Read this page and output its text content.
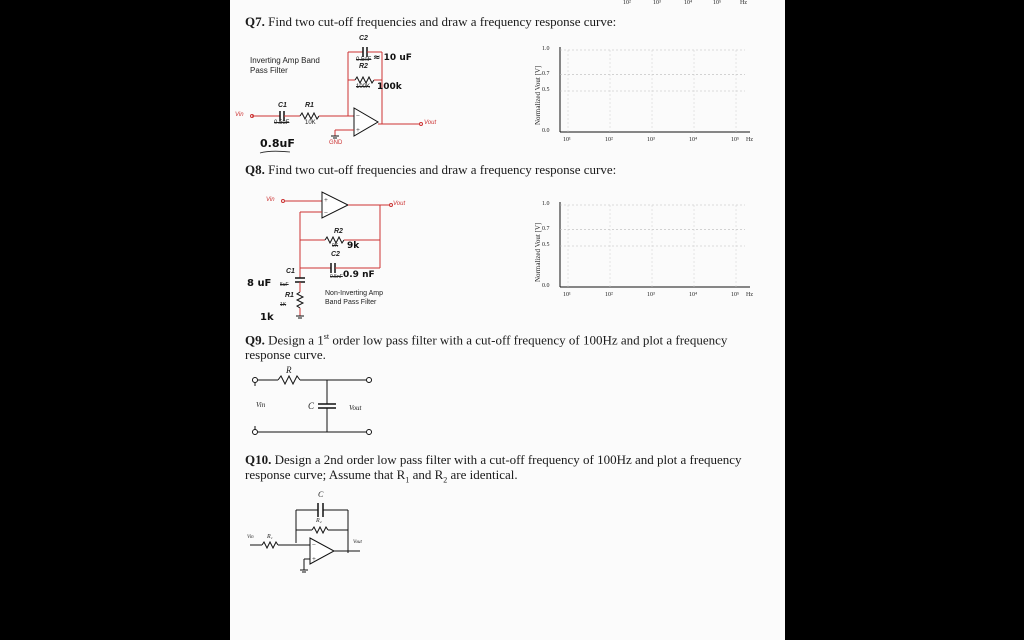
10²	10³	10⁴	10⁵	Hz
Q7. Find two cut-off frequencies and draw a frequency response curve:
−
+
Inverting Amp Band Pass Filter
C2
0.5nF ≈ 10 uF
R2
100K 100k
C1
0.5uF
R1
10K
Vin
Vout
GND
0.8uF
Normalized Vout [V]
Q8. Find two cut-off frequencies and draw a frequency response curve:
+
−
Vin
Vout
R2
9K 9k
C2
0.5nF 0.9 nF
C1
5uF
R1
1K
8 uF
1k
Non-Inverting Amp Band Pass Filter
Normalized Vout [V]
Q9. Design a 1st order low pass filter with a cut-off frequency of 100Hz and plot a frequency response curve.
R
C
Vin	Vout
Q10. Design a 2nd order low pass filter with a cut-off frequency of 100Hz and plot a frequency response curve; Assume that $R_1$ and $R_2$ are identical.
−
+
C
R₂
R₁
Vin
Vout
1.0
0.7
0.5
0.0
10¹	10²	10³	10⁴	10⁵ Hz
1.0
0.7
0.5
0.0
10¹	10²	10³	10⁴	10⁵ Hz
